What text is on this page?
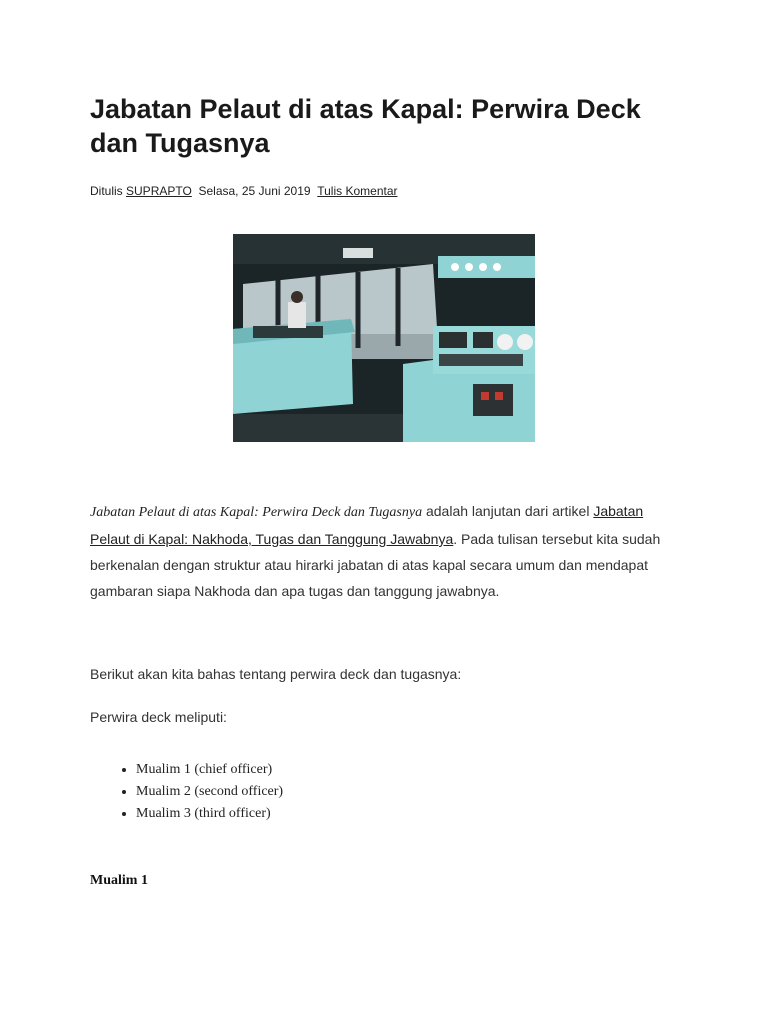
Jabatan Pelaut di atas Kapal: Perwira Deck dan Tugasnya
Ditulis SUPRAPTO Selasa, 25 Juni 2019 Tulis Komentar

Jabatan Pelaut di atas Kapal: Perwira Deck dan Tugasnya adalah lanjutan dari artikel Jabatan Pelaut di Kapal: Nakhoda, Tugas dan Tanggung Jawabnya. Pada tulisan tersebut kita sudah berkenalan dengan struktur atau hirarki jabatan di atas kapal secara umum dan mendapat gambaran siapa Nakhoda dan apa tugas dan tanggung jawabnya.

Berikut akan kita bahas tentang perwira deck dan tugasnya:

Perwira deck meliputi:

• Mualim 1 (chief officer)
• Mualim 2 (second officer)
• Mualim 3 (third officer)
Mualim 1
